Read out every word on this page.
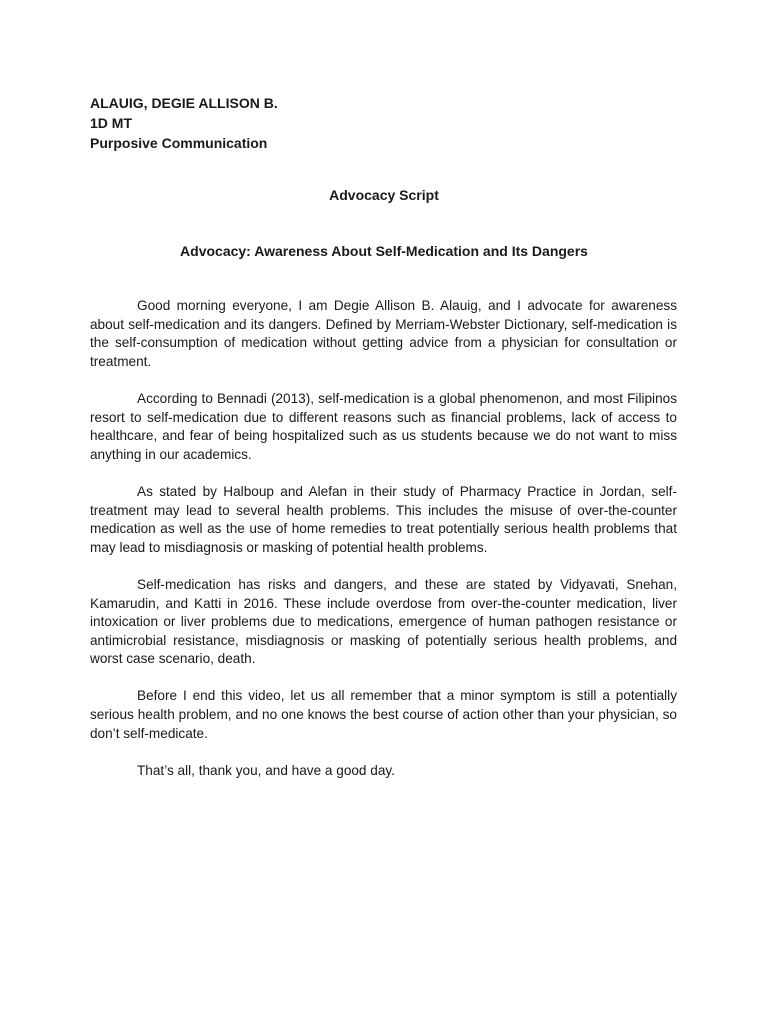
ALAUIG, DEGIE ALLISON B.
1D MT
Purposive Communication
Advocacy Script
Advocacy: Awareness About Self-Medication and Its Dangers

Good morning everyone, I am Degie Allison B. Alauig, and I advocate for awareness about self-medication and its dangers. Defined by Merriam-Webster Dictionary, self-medication is the self-consumption of medication without getting advice from a physician for consultation or treatment.

According to Bennadi (2013), self-medication is a global phenomenon, and most Filipinos resort to self-medication due to different reasons such as financial problems, lack of access to healthcare, and fear of being hospitalized such as us students because we do not want to miss anything in our academics.

As stated by Halboup and Alefan in their study of Pharmacy Practice in Jordan, self-treatment may lead to several health problems. This includes the misuse of over-the-counter medication as well as the use of home remedies to treat potentially serious health problems that may lead to misdiagnosis or masking of potential health problems.

Self-medication has risks and dangers, and these are stated by Vidyavati, Snehan, Kamarudin, and Katti in 2016. These include overdose from over-the-counter medication, liver intoxication or liver problems due to medications, emergence of human pathogen resistance or antimicrobial resistance, misdiagnosis or masking of potentially serious health problems, and worst case scenario, death.

Before I end this video, let us all remember that a minor symptom is still a potentially serious health problem, and no one knows the best course of action other than your physician, so don’t self-medicate.

That’s all, thank you, and have a good day.
